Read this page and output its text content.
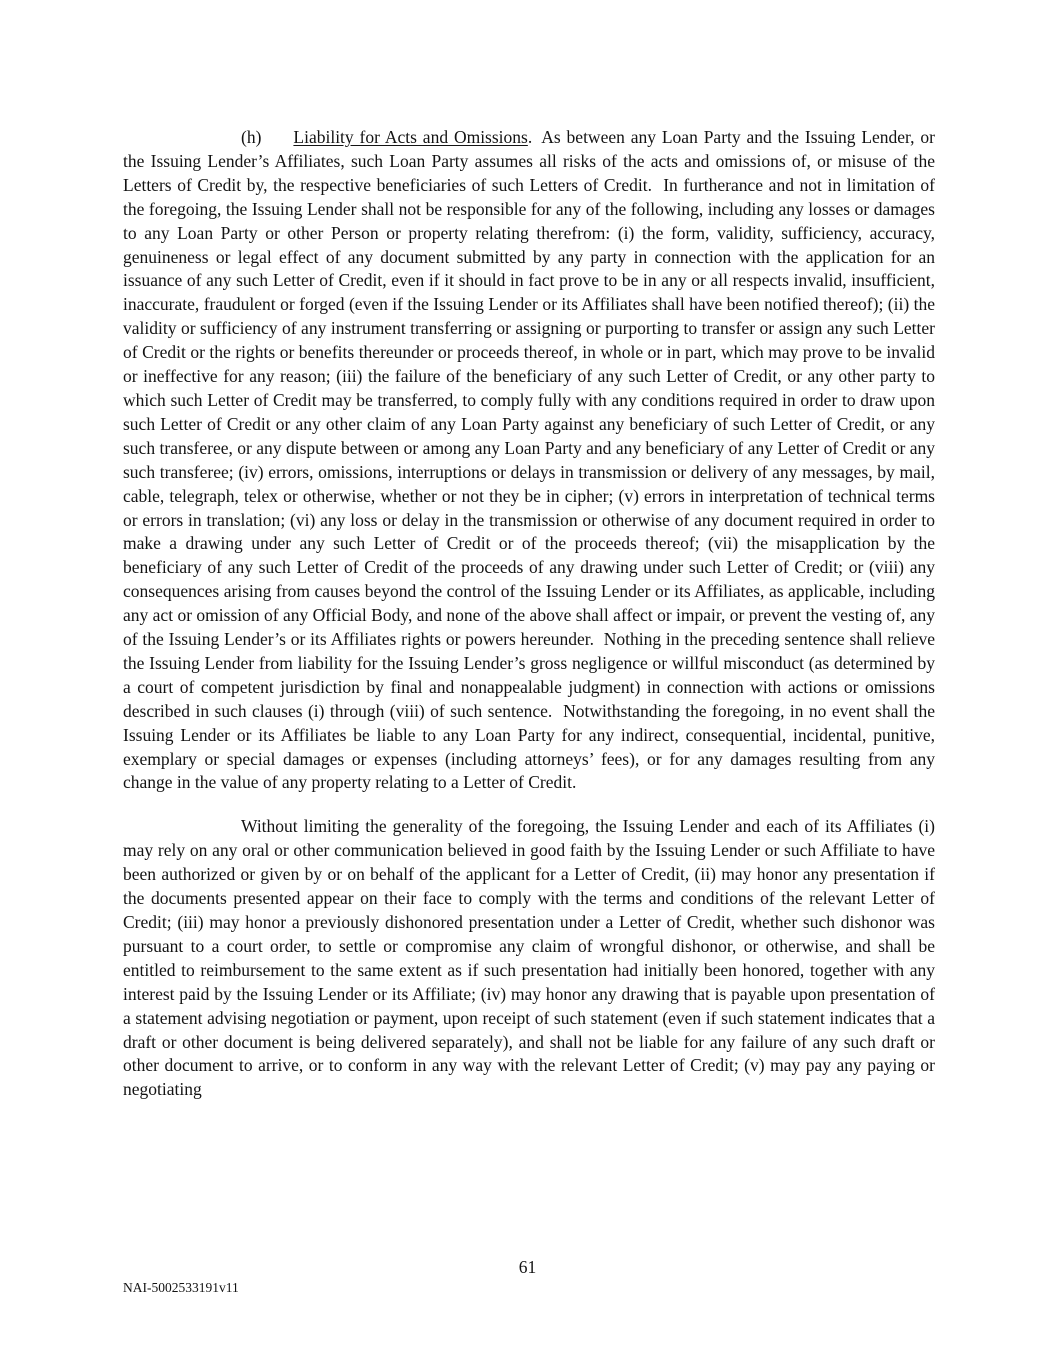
(h) Liability for Acts and Omissions. As between any Loan Party and the Issuing Lender, or the Issuing Lender’s Affiliates, such Loan Party assumes all risks of the acts and omissions of, or misuse of the Letters of Credit by, the respective beneficiaries of such Letters of Credit.  In furtherance and not in limitation of the foregoing, the Issuing Lender shall not be responsible for any of the following, including any losses or damages to any Loan Party or other Person or property relating therefrom: (i) the form, validity, sufficiency, accuracy, genuineness or legal effect of any document submitted by any party in connection with the application for an issuance of any such Letter of Credit, even if it should in fact prove to be in any or all respects invalid, insufficient, inaccurate, fraudulent or forged (even if the Issuing Lender or its Affiliates shall have been notified thereof); (ii) the validity or sufficiency of any instrument transferring or assigning or purporting to transfer or assign any such Letter of Credit or the rights or benefits thereunder or proceeds thereof, in whole or in part, which may prove to be invalid or ineffective for any reason; (iii) the failure of the beneficiary of any such Letter of Credit, or any other party to which such Letter of Credit may be transferred, to comply fully with any conditions required in order to draw upon such Letter of Credit or any other claim of any Loan Party against any beneficiary of such Letter of Credit, or any such transferee, or any dispute between or among any Loan Party and any beneficiary of any Letter of Credit or any such transferee; (iv) errors, omissions, interruptions or delays in transmission or delivery of any messages, by mail, cable, telegraph, telex or otherwise, whether or not they be in cipher; (v) errors in interpretation of technical terms or errors in translation; (vi) any loss or delay in the transmission or otherwise of any document required in order to make a drawing under any such Letter of Credit or of the proceeds thereof; (vii) the misapplication by the beneficiary of any such Letter of Credit of the proceeds of any drawing under such Letter of Credit; or (viii) any consequences arising from causes beyond the control of the Issuing Lender or its Affiliates, as applicable, including any act or omission of any Official Body, and none of the above shall affect or impair, or prevent the vesting of, any of the Issuing Lender’s or its Affiliates rights or powers hereunder.  Nothing in the preceding sentence shall relieve the Issuing Lender from liability for the Issuing Lender’s gross negligence or willful misconduct (as determined by a court of competent jurisdiction by final and nonappealable judgment) in connection with actions or omissions described in such clauses (i) through (viii) of such sentence.  Notwithstanding the foregoing, in no event shall the Issuing Lender or its Affiliates be liable to any Loan Party for any indirect, consequential, incidental, punitive, exemplary or special damages or expenses (including attorneys’ fees), or for any damages resulting from any change in the value of any property relating to a Letter of Credit.

Without limiting the generality of the foregoing, the Issuing Lender and each of its Affiliates (i) may rely on any oral or other communication believed in good faith by the Issuing Lender or such Affiliate to have been authorized or given by or on behalf of the applicant for a Letter of Credit, (ii) may honor any presentation if the documents presented appear on their face to comply with the terms and conditions of the relevant Letter of Credit; (iii) may honor a previously dishonored presentation under a Letter of Credit, whether such dishonor was pursuant to a court order, to settle or compromise any claim of wrongful dishonor, or otherwise, and shall be entitled to reimbursement to the same extent as if such presentation had initially been honored, together with any interest paid by the Issuing Lender or its Affiliate; (iv) may honor any drawing that is payable upon presentation of a statement advising negotiation or payment, upon receipt of such statement (even if such statement indicates that a draft or other document is being delivered separately), and shall not be liable for any failure of any such draft or other document to arrive, or to conform in any way with the relevant Letter of Credit; (v) may pay any paying or negotiating

61
NAI-5002533191v11
